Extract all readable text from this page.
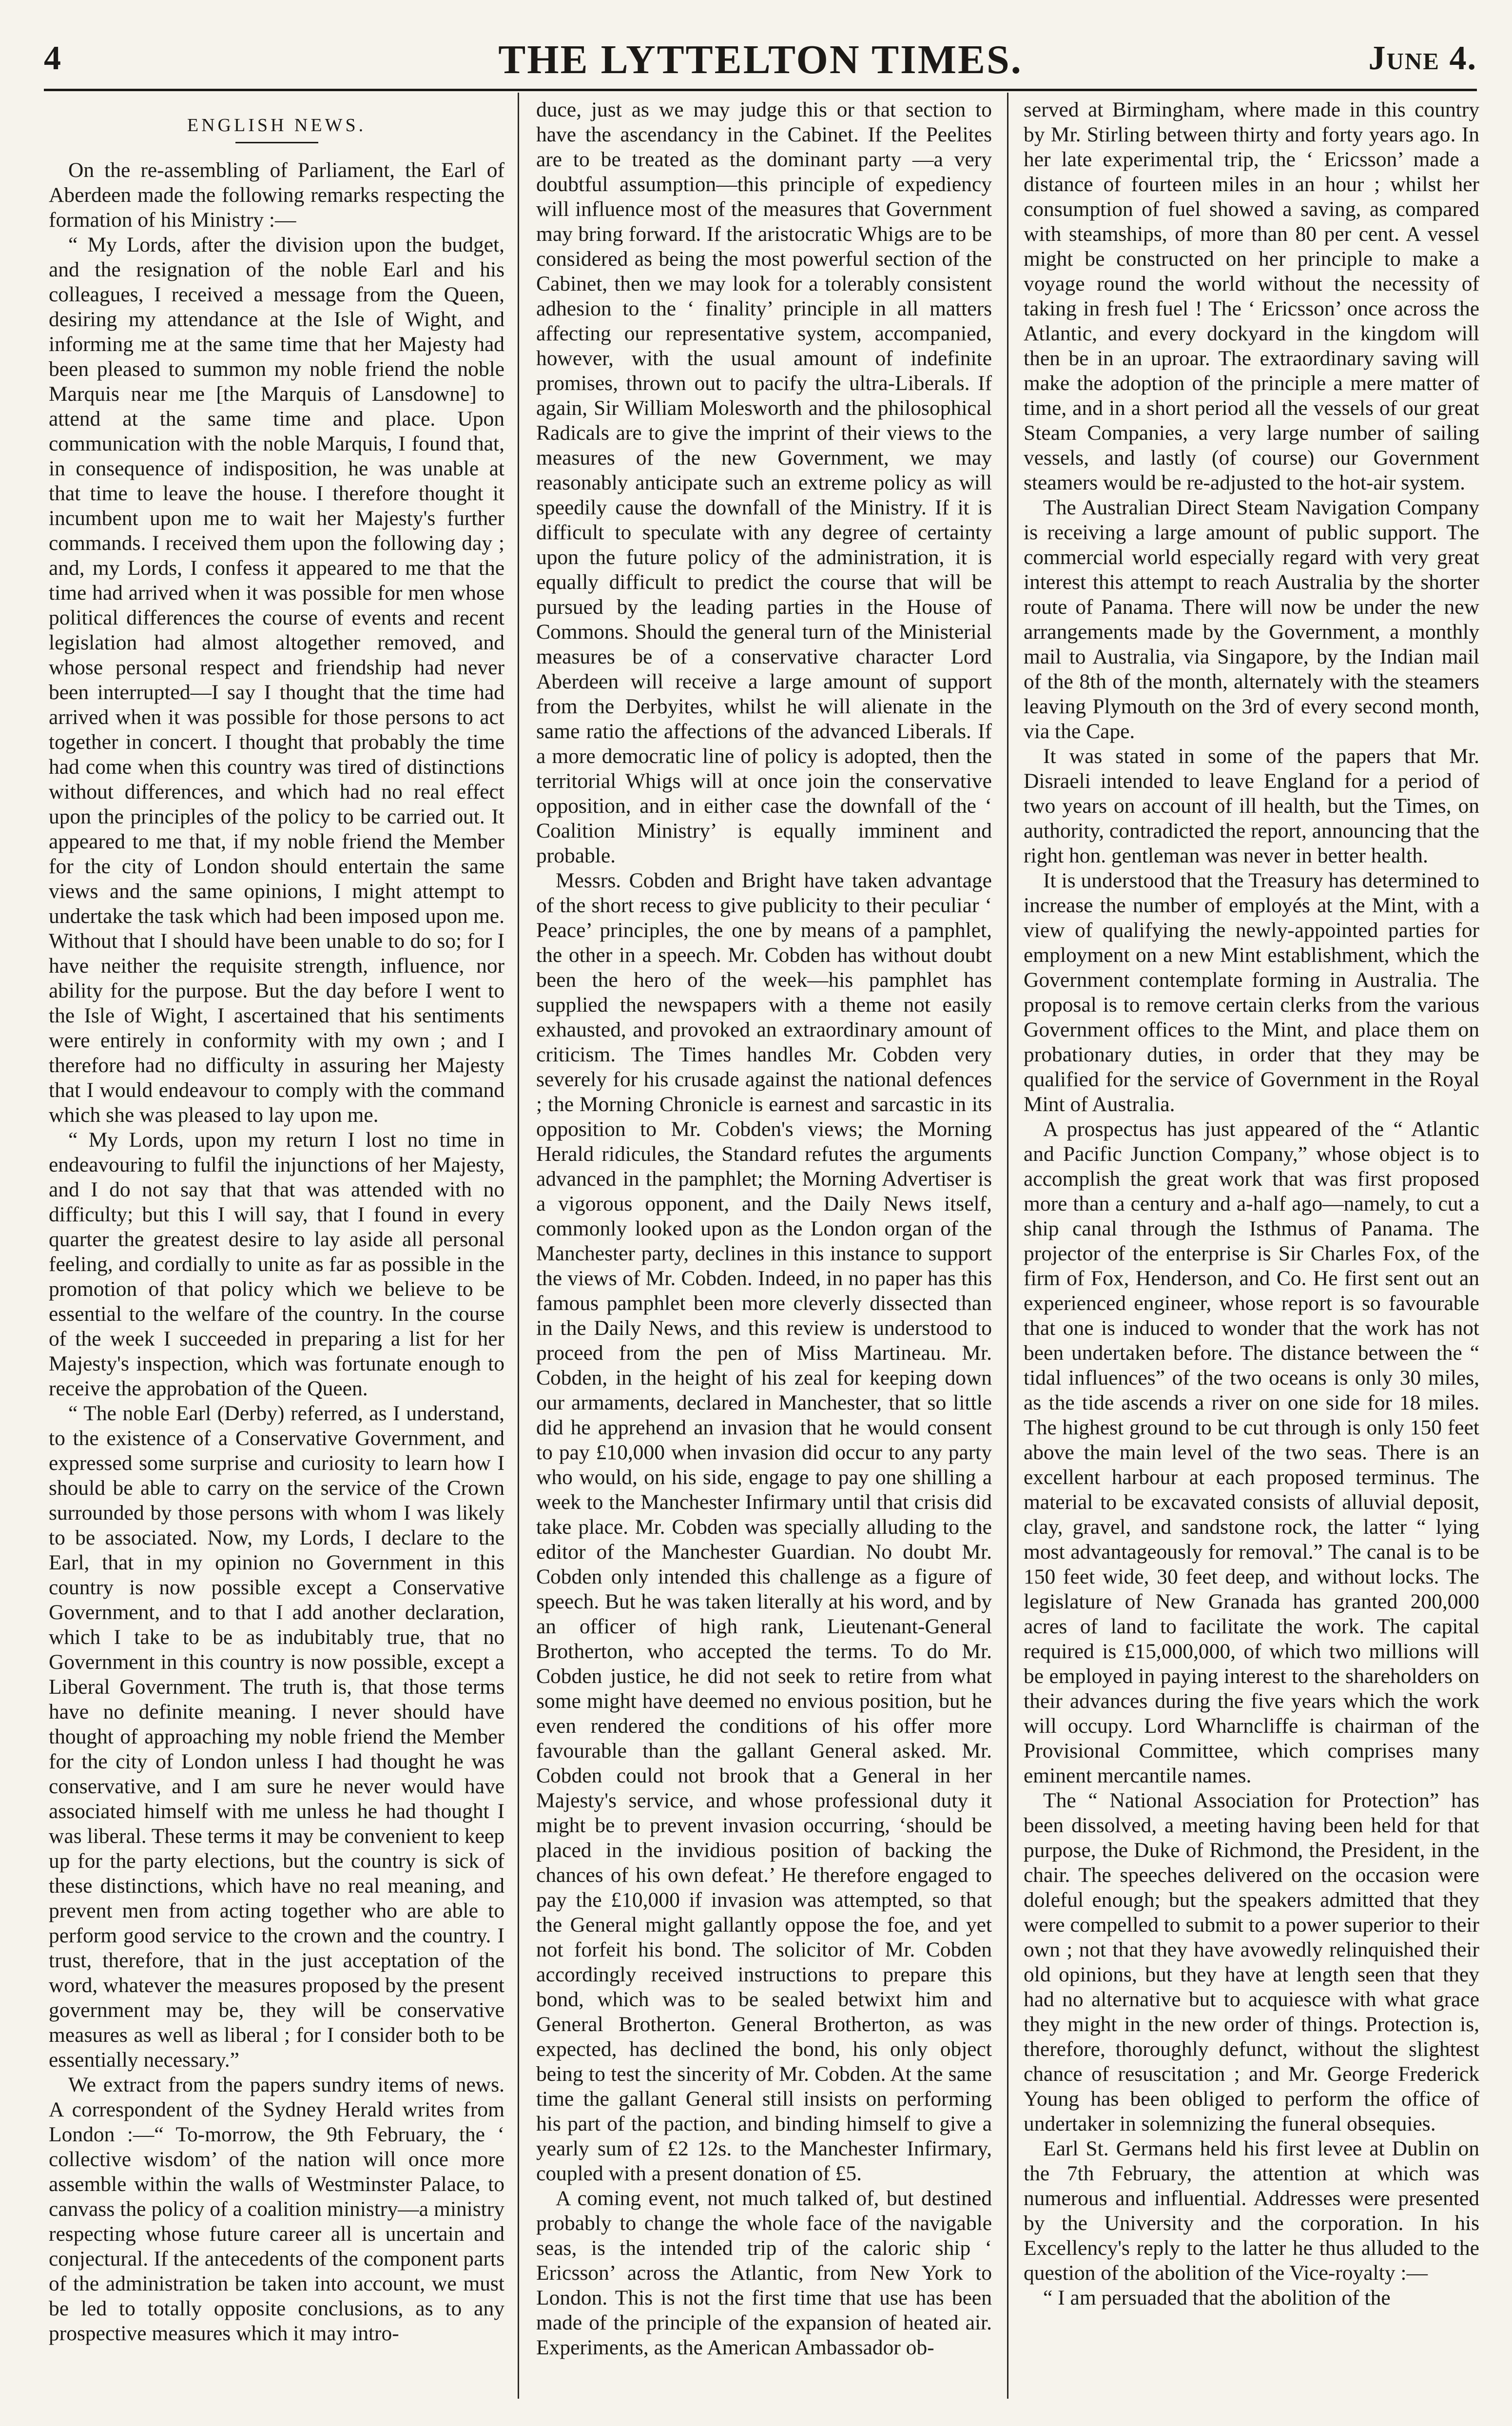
4	THE LYTTELTON TIMES.	June 4.
ENGLISH NEWS.

On the re-assembling of Parliament, the Earl of Aberdeen made the following remarks respecting the formation of his Ministry :—

“ My Lords, after the division upon the budget, and the resignation of the noble Earl and his colleagues, I received a message from the Queen, desiring my attendance at the Isle of Wight, and informing me at the same time that her Majesty had been pleased to summon my noble friend the noble Marquis near me [the Marquis of Lansdowne] to attend at the same time and place. Upon communication with the noble Marquis, I found that, in consequence of indisposition, he was unable at that time to leave the house. I therefore thought it incumbent upon me to wait her Majesty's further commands. I received them upon the following day ; and, my Lords, I confess it appeared to me that the time had arrived when it was possible for men whose political differences the course of events and recent legislation had almost altogether removed, and whose personal respect and friendship had never been interrupted—I say I thought that the time had arrived when it was possible for those persons to act together in concert. I thought that probably the time had come when this country was tired of distinctions without differences, and which had no real effect upon the principles of the policy to be carried out. It appeared to me that, if my noble friend the Member for the city of London should entertain the same views and the same opinions, I might attempt to undertake the task which had been imposed upon me. Without that I should have been unable to do so; for I have neither the requisite strength, influence, nor ability for the purpose. But the day before I went to the Isle of Wight, I ascertained that his sentiments were entirely in conformity with my own ; and I therefore had no difficulty in assuring her Majesty that I would endeavour to comply with the command which she was pleased to lay upon me.

“ My Lords, upon my return I lost no time in endeavouring to fulfil the injunctions of her Majesty, and I do not say that that was attended with no difficulty; but this I will say, that I found in every quarter the greatest desire to lay aside all personal feeling, and cordially to unite as far as possible in the promotion of that policy which we believe to be essential to the welfare of the country. In the course of the week I succeeded in preparing a list for her Majesty's inspection, which was fortunate enough to receive the approbation of the Queen.

“ The noble Earl (Derby) referred, as I understand, to the existence of a Conservative Government, and expressed some surprise and curiosity to learn how I should be able to carry on the service of the Crown surrounded by those persons with whom I was likely to be associated. Now, my Lords, I declare to the Earl, that in my opinion no Government in this country is now possible except a Conservative Government, and to that I add another declaration, which I take to be as indubitably true, that no Government in this country is now possible, except a Liberal Government. The truth is, that those terms have no definite meaning. I never should have thought of approaching my noble friend the Member for the city of London unless I had thought he was conservative, and I am sure he never would have associated himself with me unless he had thought I was liberal. These terms it may be convenient to keep up for the party elections, but the country is sick of these distinctions, which have no real meaning, and prevent men from acting together who are able to perform good service to the crown and the country. I trust, therefore, that in the just acceptation of the word, whatever the measures proposed by the present government may be, they will be conservative measures as well as liberal ; for I consider both to be essentially necessary.”

We extract from the papers sundry items of news. A correspondent of the Sydney Herald writes from London :—“ To-morrow, the 9th February, the ‘ collective wisdom’ of the nation will once more assemble within the walls of Westminster Palace, to canvass the policy of a coalition ministry—a ministry respecting whose future career all is uncertain and conjectural. If the antecedents of the component parts of the administration be taken into account, we must be led to totally opposite conclusions, as to any prospective measures which it may intro-

duce, just as we may judge this or that section to have the ascendancy in the Cabinet. If the Peelites are to be treated as the dominant party —a very doubtful assumption—this principle of expediency will influence most of the measures that Government may bring forward. If the aristocratic Whigs are to be considered as being the most powerful section of the Cabinet, then we may look for a tolerably consistent adhesion to the ‘ finality’ principle in all matters affecting our representative system, accompanied, however, with the usual amount of indefinite promises, thrown out to pacify the ultra-Liberals. If again, Sir William Molesworth and the philosophical Radicals are to give the imprint of their views to the measures of the new Government, we may reasonably anticipate such an extreme policy as will speedily cause the downfall of the Ministry. If it is difficult to speculate with any degree of certainty upon the future policy of the administration, it is equally difficult to predict the course that will be pursued by the leading parties in the House of Commons. Should the general turn of the Ministerial measures be of a conservative character Lord Aberdeen will receive a large amount of support from the Derbyites, whilst he will alienate in the same ratio the affections of the advanced Liberals. If a more democratic line of policy is adopted, then the territorial Whigs will at once join the conservative opposition, and in either case the downfall of the ‘ Coalition Ministry’ is equally imminent and probable.

Messrs. Cobden and Bright have taken advantage of the short recess to give publicity to their peculiar ‘ Peace’ principles, the one by means of a pamphlet, the other in a speech. Mr. Cobden has without doubt been the hero of the week—his pamphlet has supplied the newspapers with a theme not easily exhausted, and provoked an extraordinary amount of criticism. The Times handles Mr. Cobden very severely for his crusade against the national defences ; the Morning Chronicle is earnest and sarcastic in its opposition to Mr. Cobden's views; the Morning Herald ridicules, the Standard refutes the arguments advanced in the pamphlet; the Morning Advertiser is a vigorous opponent, and the Daily News itself, commonly looked upon as the London organ of the Manchester party, declines in this instance to support the views of Mr. Cobden. Indeed, in no paper has this famous pamphlet been more cleverly dissected than in the Daily News, and this review is understood to proceed from the pen of Miss Martineau. Mr. Cobden, in the height of his zeal for keeping down our armaments, declared in Manchester, that so little did he apprehend an invasion that he would consent to pay £10,000 when invasion did occur to any party who would, on his side, engage to pay one shilling a week to the Manchester Infirmary until that crisis did take place. Mr. Cobden was specially alluding to the editor of the Manchester Guardian. No doubt Mr. Cobden only intended this challenge as a figure of speech. But he was taken literally at his word, and by an officer of high rank, Lieutenant-General Brotherton, who accepted the terms. To do Mr. Cobden justice, he did not seek to retire from what some might have deemed no envious position, but he even rendered the conditions of his offer more favourable than the gallant General asked. Mr. Cobden could not brook that a General in her Majesty's service, and whose professional duty it might be to prevent invasion occurring, ‘should be placed in the invidious position of backing the chances of his own defeat.’ He therefore engaged to pay the £10,000 if invasion was attempted, so that the General might gallantly oppose the foe, and yet not forfeit his bond. The solicitor of Mr. Cobden accordingly received instructions to prepare this bond, which was to be sealed betwixt him and General Brotherton. General Brotherton, as was expected, has declined the bond, his only object being to test the sincerity of Mr. Cobden. At the same time the gallant General still insists on performing his part of the paction, and binding himself to give a yearly sum of £2 12s. to the Manchester Infirmary, coupled with a present donation of £5.

A coming event, not much talked of, but destined probably to change the whole face of the navigable seas, is the intended trip of the caloric ship ‘ Ericsson’ across the Atlantic, from New York to London. This is not the first time that use has been made of the principle of the expansion of heated air. Experiments, as the American Ambassador ob-

served at Birmingham, where made in this country by Mr. Stirling between thirty and forty years ago. In her late experimental trip, the ‘ Ericsson’ made a distance of fourteen miles in an hour ; whilst her consumption of fuel showed a saving, as compared with steamships, of more than 80 per cent. A vessel might be constructed on her principle to make a voyage round the world without the necessity of taking in fresh fuel ! The ‘ Ericsson’ once across the Atlantic, and every dockyard in the kingdom will then be in an uproar. The extraordinary saving will make the adoption of the principle a mere matter of time, and in a short period all the vessels of our great Steam Companies, a very large number of sailing vessels, and lastly (of course) our Government steamers would be re-adjusted to the hot-air system.

The Australian Direct Steam Navigation Company is receiving a large amount of public support. The commercial world especially regard with very great interest this attempt to reach Australia by the shorter route of Panama. There will now be under the new arrangements made by the Government, a monthly mail to Australia, via Singapore, by the Indian mail of the 8th of the month, alternately with the steamers leaving Plymouth on the 3rd of every second month, via the Cape.

It was stated in some of the papers that Mr. Disraeli intended to leave England for a period of two years on account of ill health, but the Times, on authority, contradicted the report, announcing that the right hon. gentleman was never in better health.

It is understood that the Treasury has determined to increase the number of employés at the Mint, with a view of qualifying the newly-appointed parties for employment on a new Mint establishment, which the Government contemplate forming in Australia. The proposal is to remove certain clerks from the various Government offices to the Mint, and place them on probationary duties, in order that they may be qualified for the service of Government in the Royal Mint of Australia.

A prospectus has just appeared of the “ Atlantic and Pacific Junction Company,” whose object is to accomplish the great work that was first proposed more than a century and a-half ago—namely, to cut a ship canal through the Isthmus of Panama. The projector of the enterprise is Sir Charles Fox, of the firm of Fox, Henderson, and Co. He first sent out an experienced engineer, whose report is so favourable that one is induced to wonder that the work has not been undertaken before. The distance between the “ tidal influences” of the two oceans is only 30 miles, as the tide ascends a river on one side for 18 miles. The highest ground to be cut through is only 150 feet above the main level of the two seas. There is an excellent harbour at each proposed terminus. The material to be excavated consists of alluvial deposit, clay, gravel, and sandstone rock, the latter “ lying most advantageously for removal.” The canal is to be 150 feet wide, 30 feet deep, and without locks. The legislature of New Granada has granted 200,000 acres of land to facilitate the work. The capital required is £15,000,000, of which two millions will be employed in paying interest to the shareholders on their advances during the five years which the work will occupy. Lord Wharncliffe is chairman of the Provisional Committee, which comprises many eminent mercantile names.

The “ National Association for Protection” has been dissolved, a meeting having been held for that purpose, the Duke of Richmond, the President, in the chair. The speeches delivered on the occasion were doleful enough; but the speakers admitted that they were compelled to submit to a power superior to their own ; not that they have avowedly relinquished their old opinions, but they have at length seen that they had no alternative but to acquiesce with what grace they might in the new order of things. Protection is, therefore, thoroughly defunct, without the slightest chance of resuscitation ; and Mr. George Frederick Young has been obliged to perform the office of undertaker in solemnizing the funeral obsequies.

Earl St. Germans held his first levee at Dublin on the 7th February, the attention at which was numerous and influential. Addresses were presented by the University and the corporation. In his Excellency's reply to the latter he thus alluded to the question of the abolition of the Vice-royalty :—

“ I am persuaded that the abolition of the
